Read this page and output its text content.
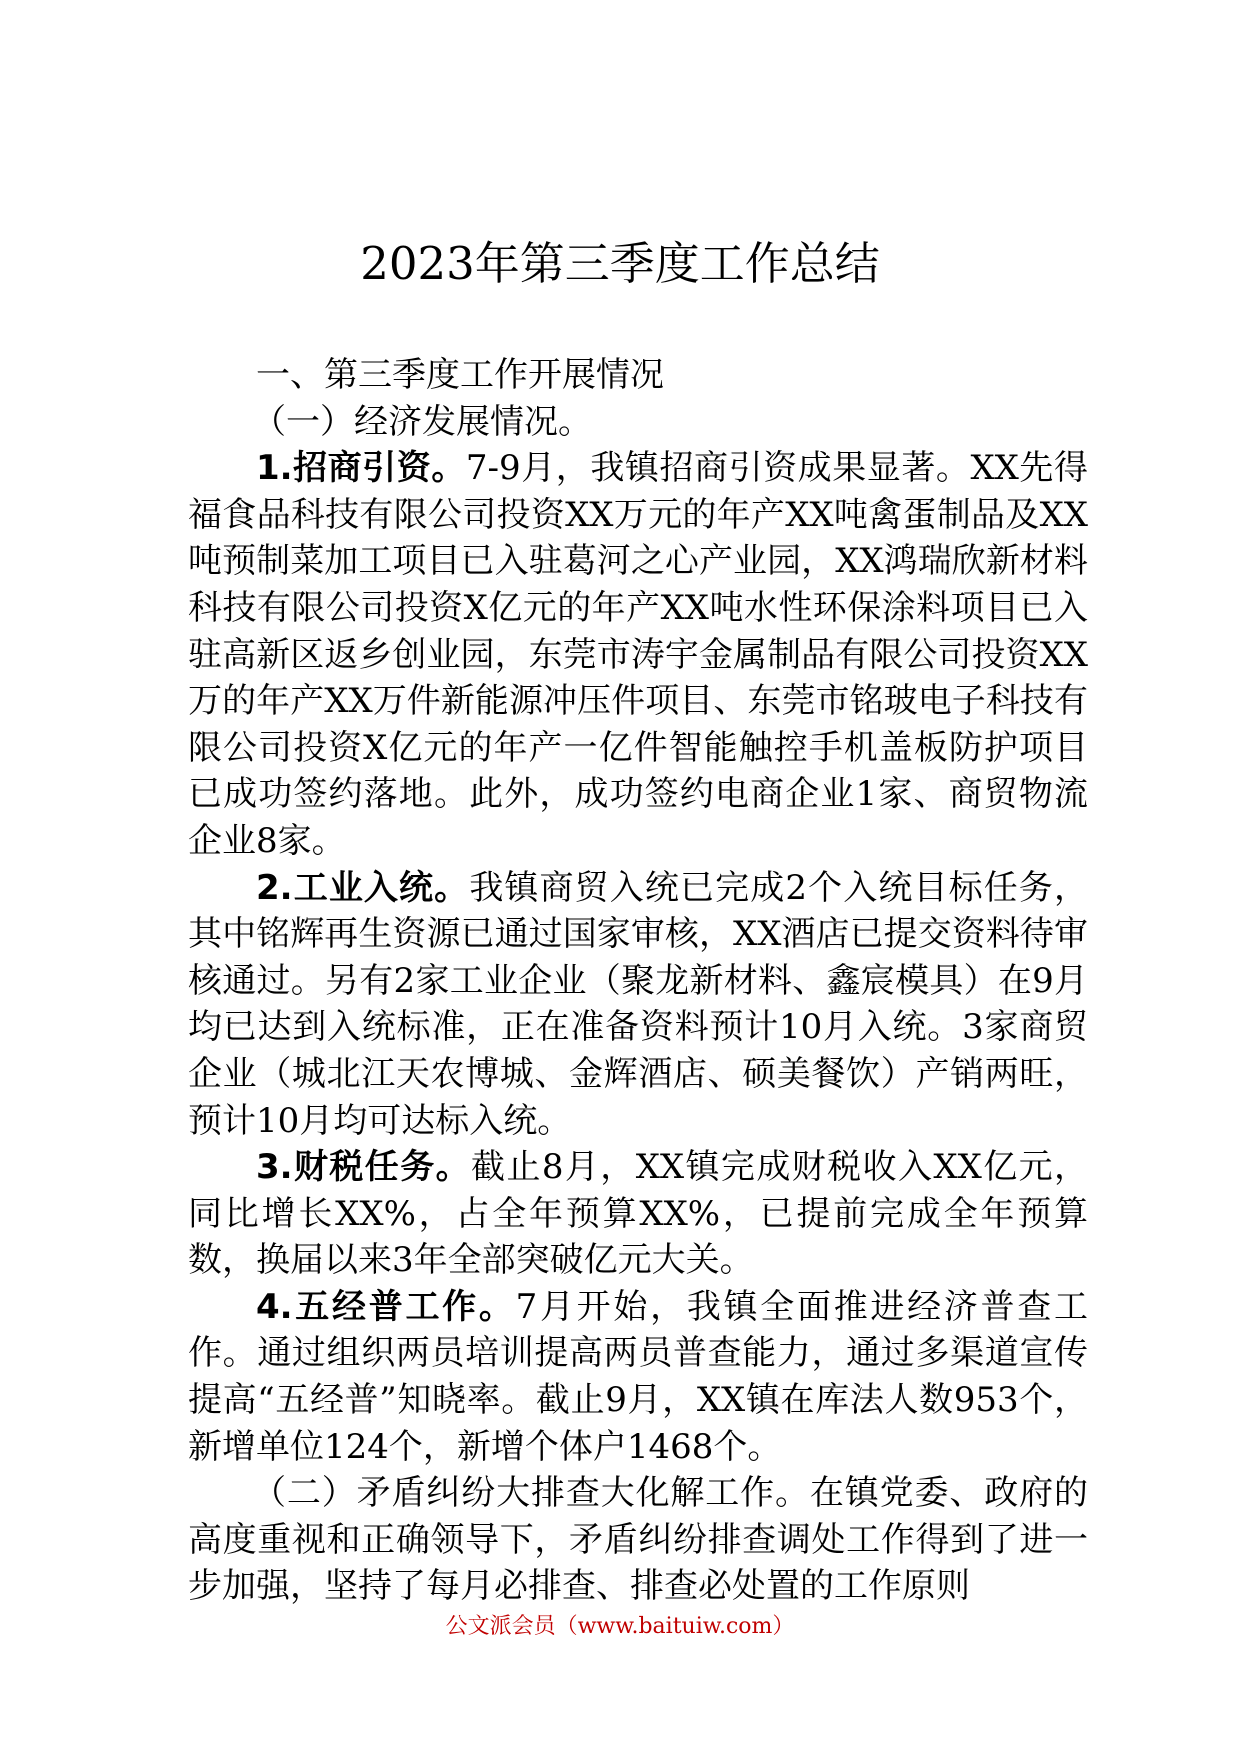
2023年第三季度工作总结

一、第三季度工作开展情况

（一）经济发展情况。

1.招商引资。7-9月，我镇招商引资成果显著。XX先得福食品科技有限公司投资XX万元的年产XX吨禽蛋制品及XX吨预制菜加工项目已入驻葛河之心产业园，XX鸿瑞欣新材料科技有限公司投资X亿元的年产XX吨水性环保涂料项目已入驻高新区返乡创业园，东莞市涛宇金属制品有限公司投资XX万的年产XX万件新能源冲压件项目、东莞市铭玻电子科技有限公司投资X亿元的年产一亿件智能触控手机盖板防护项目已成功签约落地。此外，成功签约电商企业1家、商贸物流企业8家。

2.工业入统。我镇商贸入统已完成2个入统目标任务，其中铭辉再生资源已通过国家审核，XX酒店已提交资料待审核通过。另有2家工业企业（聚龙新材料、鑫宸模具）在9月均已达到入统标准，正在准备资料预计10月入统。3家商贸企业（城北江天农博城、金辉酒店、硕美餐饮）产销两旺，预计10月均可达标入统。

3.财税任务。截止8月，XX镇完成财税收入XX亿元，同比增长XX%，占全年预算XX%，已提前完成全年预算数，换届以来3年全部突破亿元大关。

4.五经普工作。7月开始，我镇全面推进经济普查工作。通过组织两员培训提高两员普查能力，通过多渠道宣传提高“五经普”知晓率。截止9月，XX镇在库法人数953个，新增单位124个，新增个体户1468个。

（二）矛盾纠纷大排查大化解工作。在镇党委、政府的高度重视和正确领导下，矛盾纠纷排查调处工作得到了进一步加强，坚持了每月必排查、排查必处置的工作原则

公文派会员（www.baituiw.com）
